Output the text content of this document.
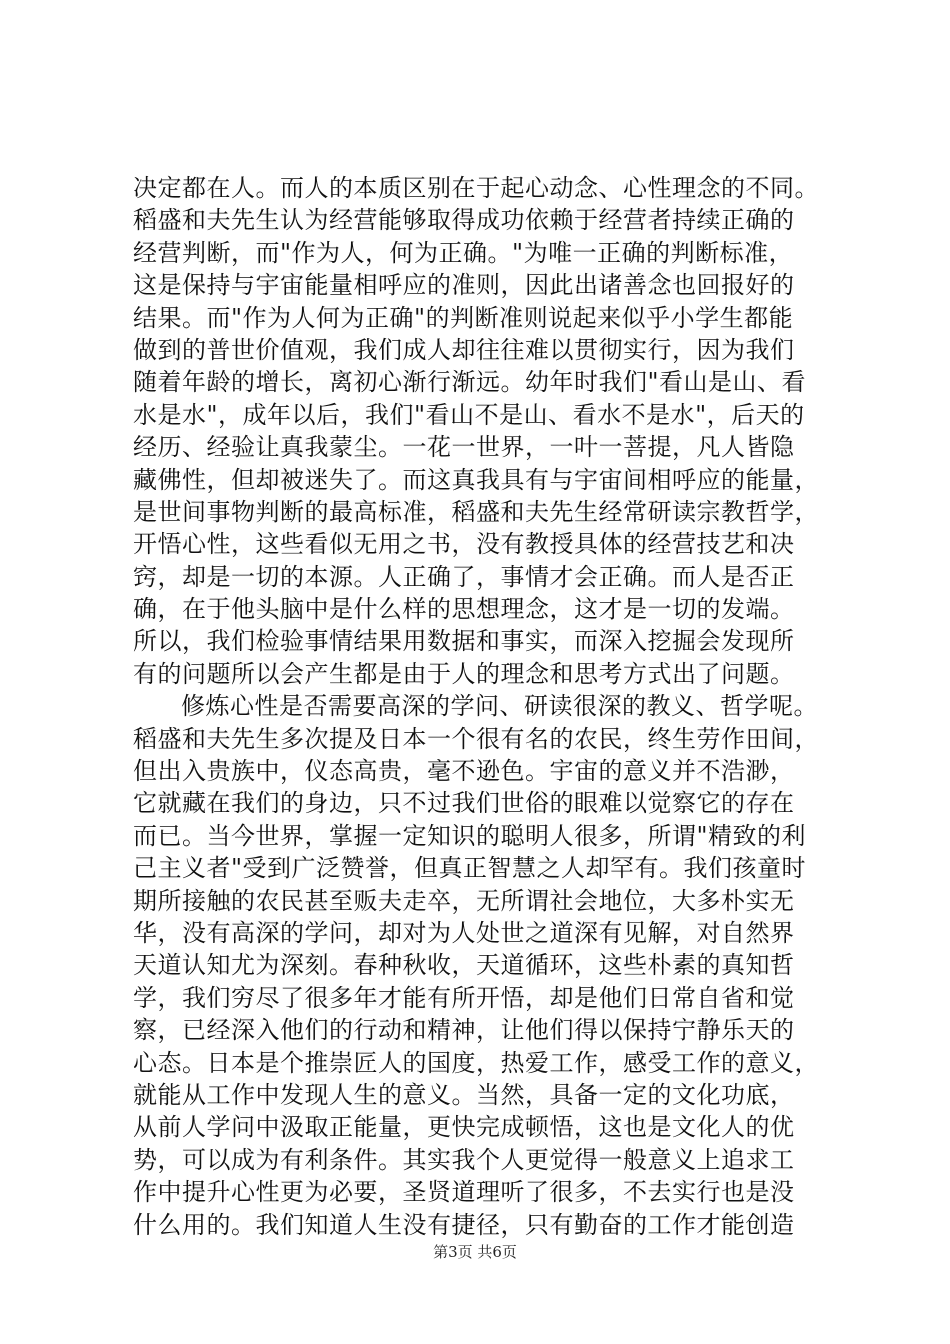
决定都在人。而人的本质区别在于起心动念、心性理念的不同。
稻盛和夫先生认为经营能够取得成功依赖于经营者持续正确的
经营判断，而"作为人，何为正确。"为唯一正确的判断标准，
这是保持与宇宙能量相呼应的准则，因此出诸善念也回报好的
结果。而"作为人何为正确"的判断准则说起来似乎小学生都能
做到的普世价值观，我们成人却往往难以贯彻实行，因为我们
随着年龄的增长，离初心渐行渐远。幼年时我们"看山是山、看
水是水"，成年以后，我们"看山不是山、看水不是水"，后天的
经历、经验让真我蒙尘。一花一世界，一叶一菩提，凡人皆隐
藏佛性，但却被迷失了。而这真我具有与宇宙间相呼应的能量，
是世间事物判断的最高标准，稻盛和夫先生经常研读宗教哲学，
开悟心性，这些看似无用之书，没有教授具体的经营技艺和决
窍，却是一切的本源。人正确了，事情才会正确。而人是否正
确，在于他头脑中是什么样的思想理念，这才是一切的发端。
所以，我们检验事情结果用数据和事实，而深入挖掘会发现所
有的问题所以会产生都是由于人的理念和思考方式出了问题。
修炼心性是否需要高深的学问、研读很深的教义、哲学呢。
稻盛和夫先生多次提及日本一个很有名的农民，终生劳作田间，
但出入贵族中，仪态高贵，毫不逊色。宇宙的意义并不浩渺，
它就藏在我们的身边，只不过我们世俗的眼难以觉察它的存在
而已。当今世界，掌握一定知识的聪明人很多，所谓"精致的利
己主义者"受到广泛赞誉，但真正智慧之人却罕有。我们孩童时
期所接触的农民甚至贩夫走卒，无所谓社会地位，大多朴实无
华，没有高深的学问，却对为人处世之道深有见解，对自然界
天道认知尤为深刻。春种秋收，天道循环，这些朴素的真知哲
学，我们穷尽了很多年才能有所开悟，却是他们日常自省和觉
察，已经深入他们的行动和精神，让他们得以保持宁静乐天的
心态。日本是个推崇匠人的国度，热爱工作，感受工作的意义，
就能从工作中发现人生的意义。当然，具备一定的文化功底，
从前人学问中汲取正能量，更快完成顿悟，这也是文化人的优
势，可以成为有利条件。其实我个人更觉得一般意义上追求工
作中提升心性更为必要，圣贤道理听了很多，不去实行也是没
什么用的。我们知道人生没有捷径，只有勤奋的工作才能创造
第3页 共6页
